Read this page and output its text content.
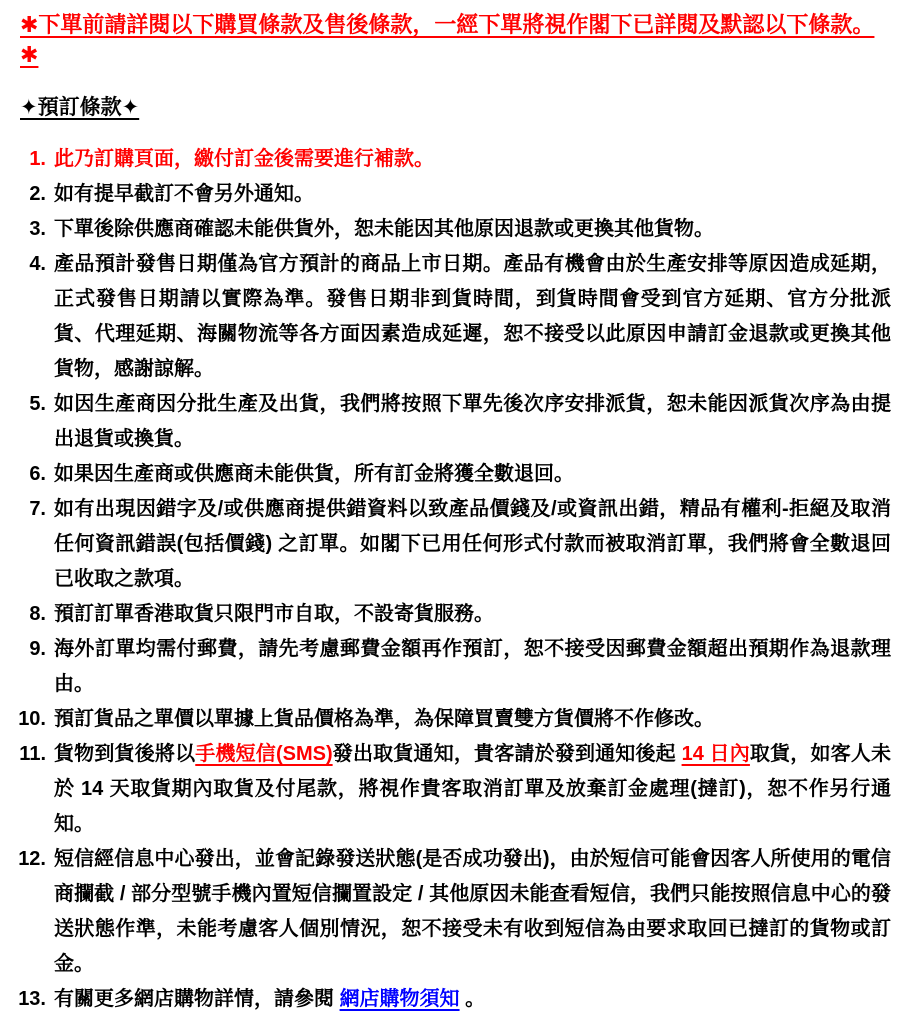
✱下單前請詳閱以下購買條款及售後條款，一經下單將視作閣下已詳閱及默認以下條款。 ✱

✦預訂條款✦
1. 此乃訂購頁面，繳付訂金後需要進行補款。
2. 如有提早截訂不會另外通知。
3. 下單後除供應商確認未能供貨外，恕未能因其他原因退款或更換其他貨物。
4. 產品預計發售日期僅為官方預計的商品上市日期。產品有機會由於生產安排等原因造成延期，正式發售日期請以實際為準。發售日期非到貨時間，到貨時間會受到官方延期、官方分批派貨、代理延期、海關物流等各方面因素造成延遲，恕不接受以此原因申請訂金退款或更換其他貨物，感謝諒解。
5. 如因生產商因分批生產及出貨，我們將按照下單先後次序安排派貨，恕未能因派貨次序為由提出退貨或換貨。
6. 如果因生產商或供應商未能供貨，所有訂金將獲全數退回。
7. 如有出現因錯字及/或供應商提供錯資料以致產品價錢及/或資訊出錯，精品有權利-拒絕及取消任何資訊錯誤(包括價錢) 之訂單。如閣下已用任何形式付款而被取消訂單，我們將會全數退回已收取之款項。
8. 預訂訂單香港取貨只限門市自取，不設寄貨服務。
9. 海外訂單均需付郵費，請先考慮郵費金額再作預訂，恕不接受因郵費金額超出預期作為退款理由。
10. 預訂貨品之單價以單據上貨品價格為準，為保障買賣雙方貨價將不作修改。
11. 貨物到貨後將以手機短信(SMS)發出取貨通知，貴客請於發到通知後起 14 日內取貨，如客人未於 14 天取貨期內取貨及付尾款，將視作貴客取消訂單及放棄訂金處理(撻訂)，恕不作另行通知。
12. 短信經信息中心發出，並會記錄發送狀態(是否成功發出)，由於短信可能會因客人所使用的電信商攔截 / 部分型號手機內置短信攔置設定 / 其他原因未能查看短信，我們只能按照信息中心的發送狀態作準，未能考慮客人個別情況，恕不接受未有收到短信為由要求取回已撻訂的貨物或訂金。
13. 有關更多網店購物詳情，請參閱 網店購物須知 。
